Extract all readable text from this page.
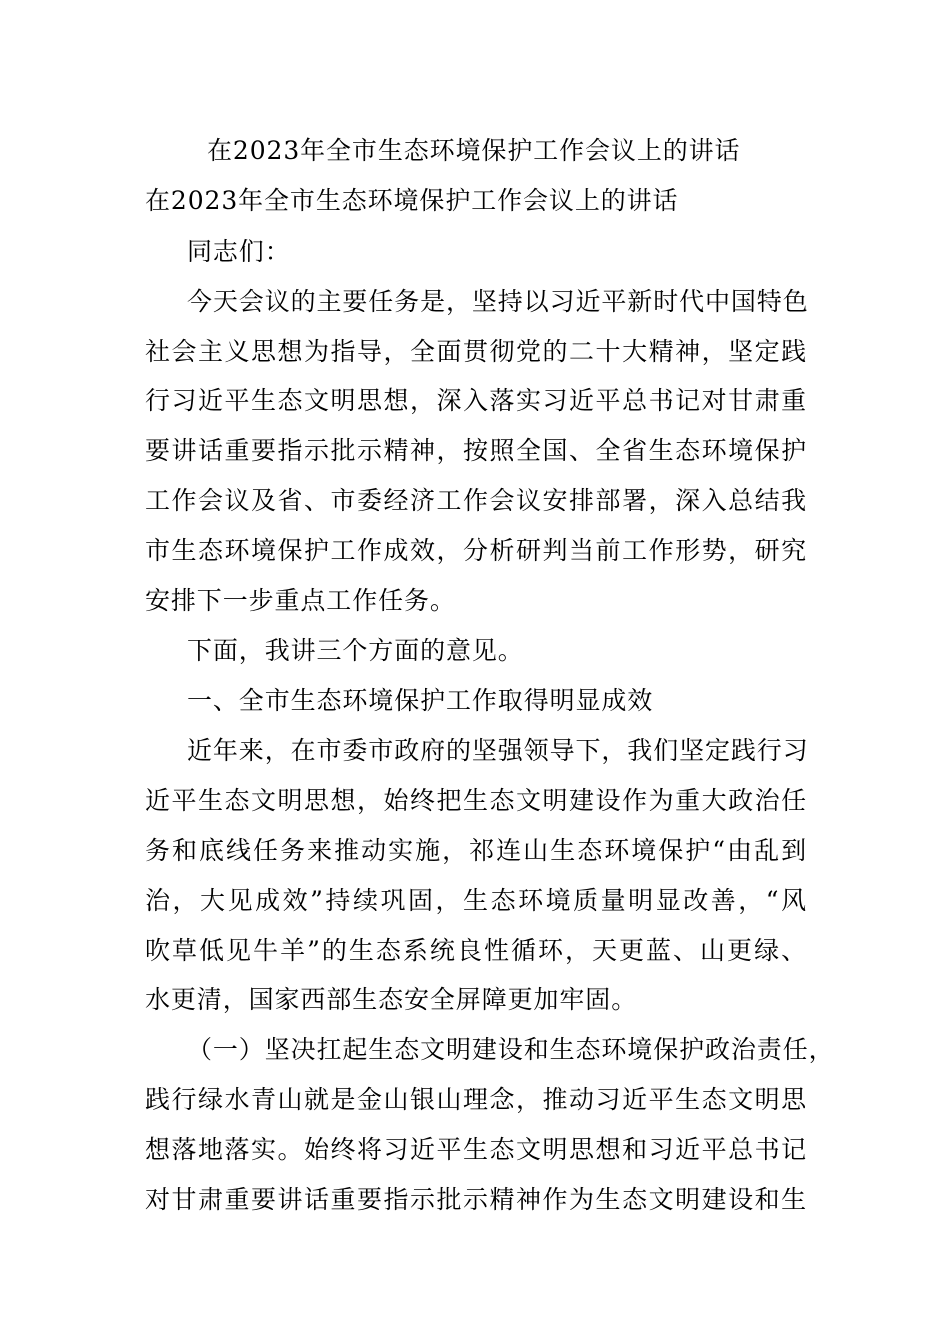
在2023年全市生态环境保护工作会议上的讲话
在2023年全市生态环境保护工作会议上的讲话
同志们：
今天会议的主要任务是，坚持以习近平新时代中国特色
社会主义思想为指导，全面贯彻党的二十大精神，坚定践
行习近平生态文明思想，深入落实习近平总书记对甘肃重
要讲话重要指示批示精神，按照全国、全省生态环境保护
工作会议及省、市委经济工作会议安排部署，深入总结我
市生态环境保护工作成效，分析研判当前工作形势，研究
安排下一步重点工作任务。
下面，我讲三个方面的意见。
一、全市生态环境保护工作取得明显成效
近年来，在市委市政府的坚强领导下，我们坚定践行习
近平生态文明思想，始终把生态文明建设作为重大政治任
务和底线任务来推动实施，祁连山生态环境保护“由乱到
治，大见成效”持续巩固，生态环境质量明显改善，“风
吹草低见牛羊”的生态系统良性循环，天更蓝、山更绿、
水更清，国家西部生态安全屏障更加牢固。
（一）坚决扛起生态文明建设和生态环境保护政治责任，
践行绿水青山就是金山银山理念，推动习近平生态文明思
想落地落实。始终将习近平生态文明思想和习近平总书记
对甘肃重要讲话重要指示批示精神作为生态文明建设和生
